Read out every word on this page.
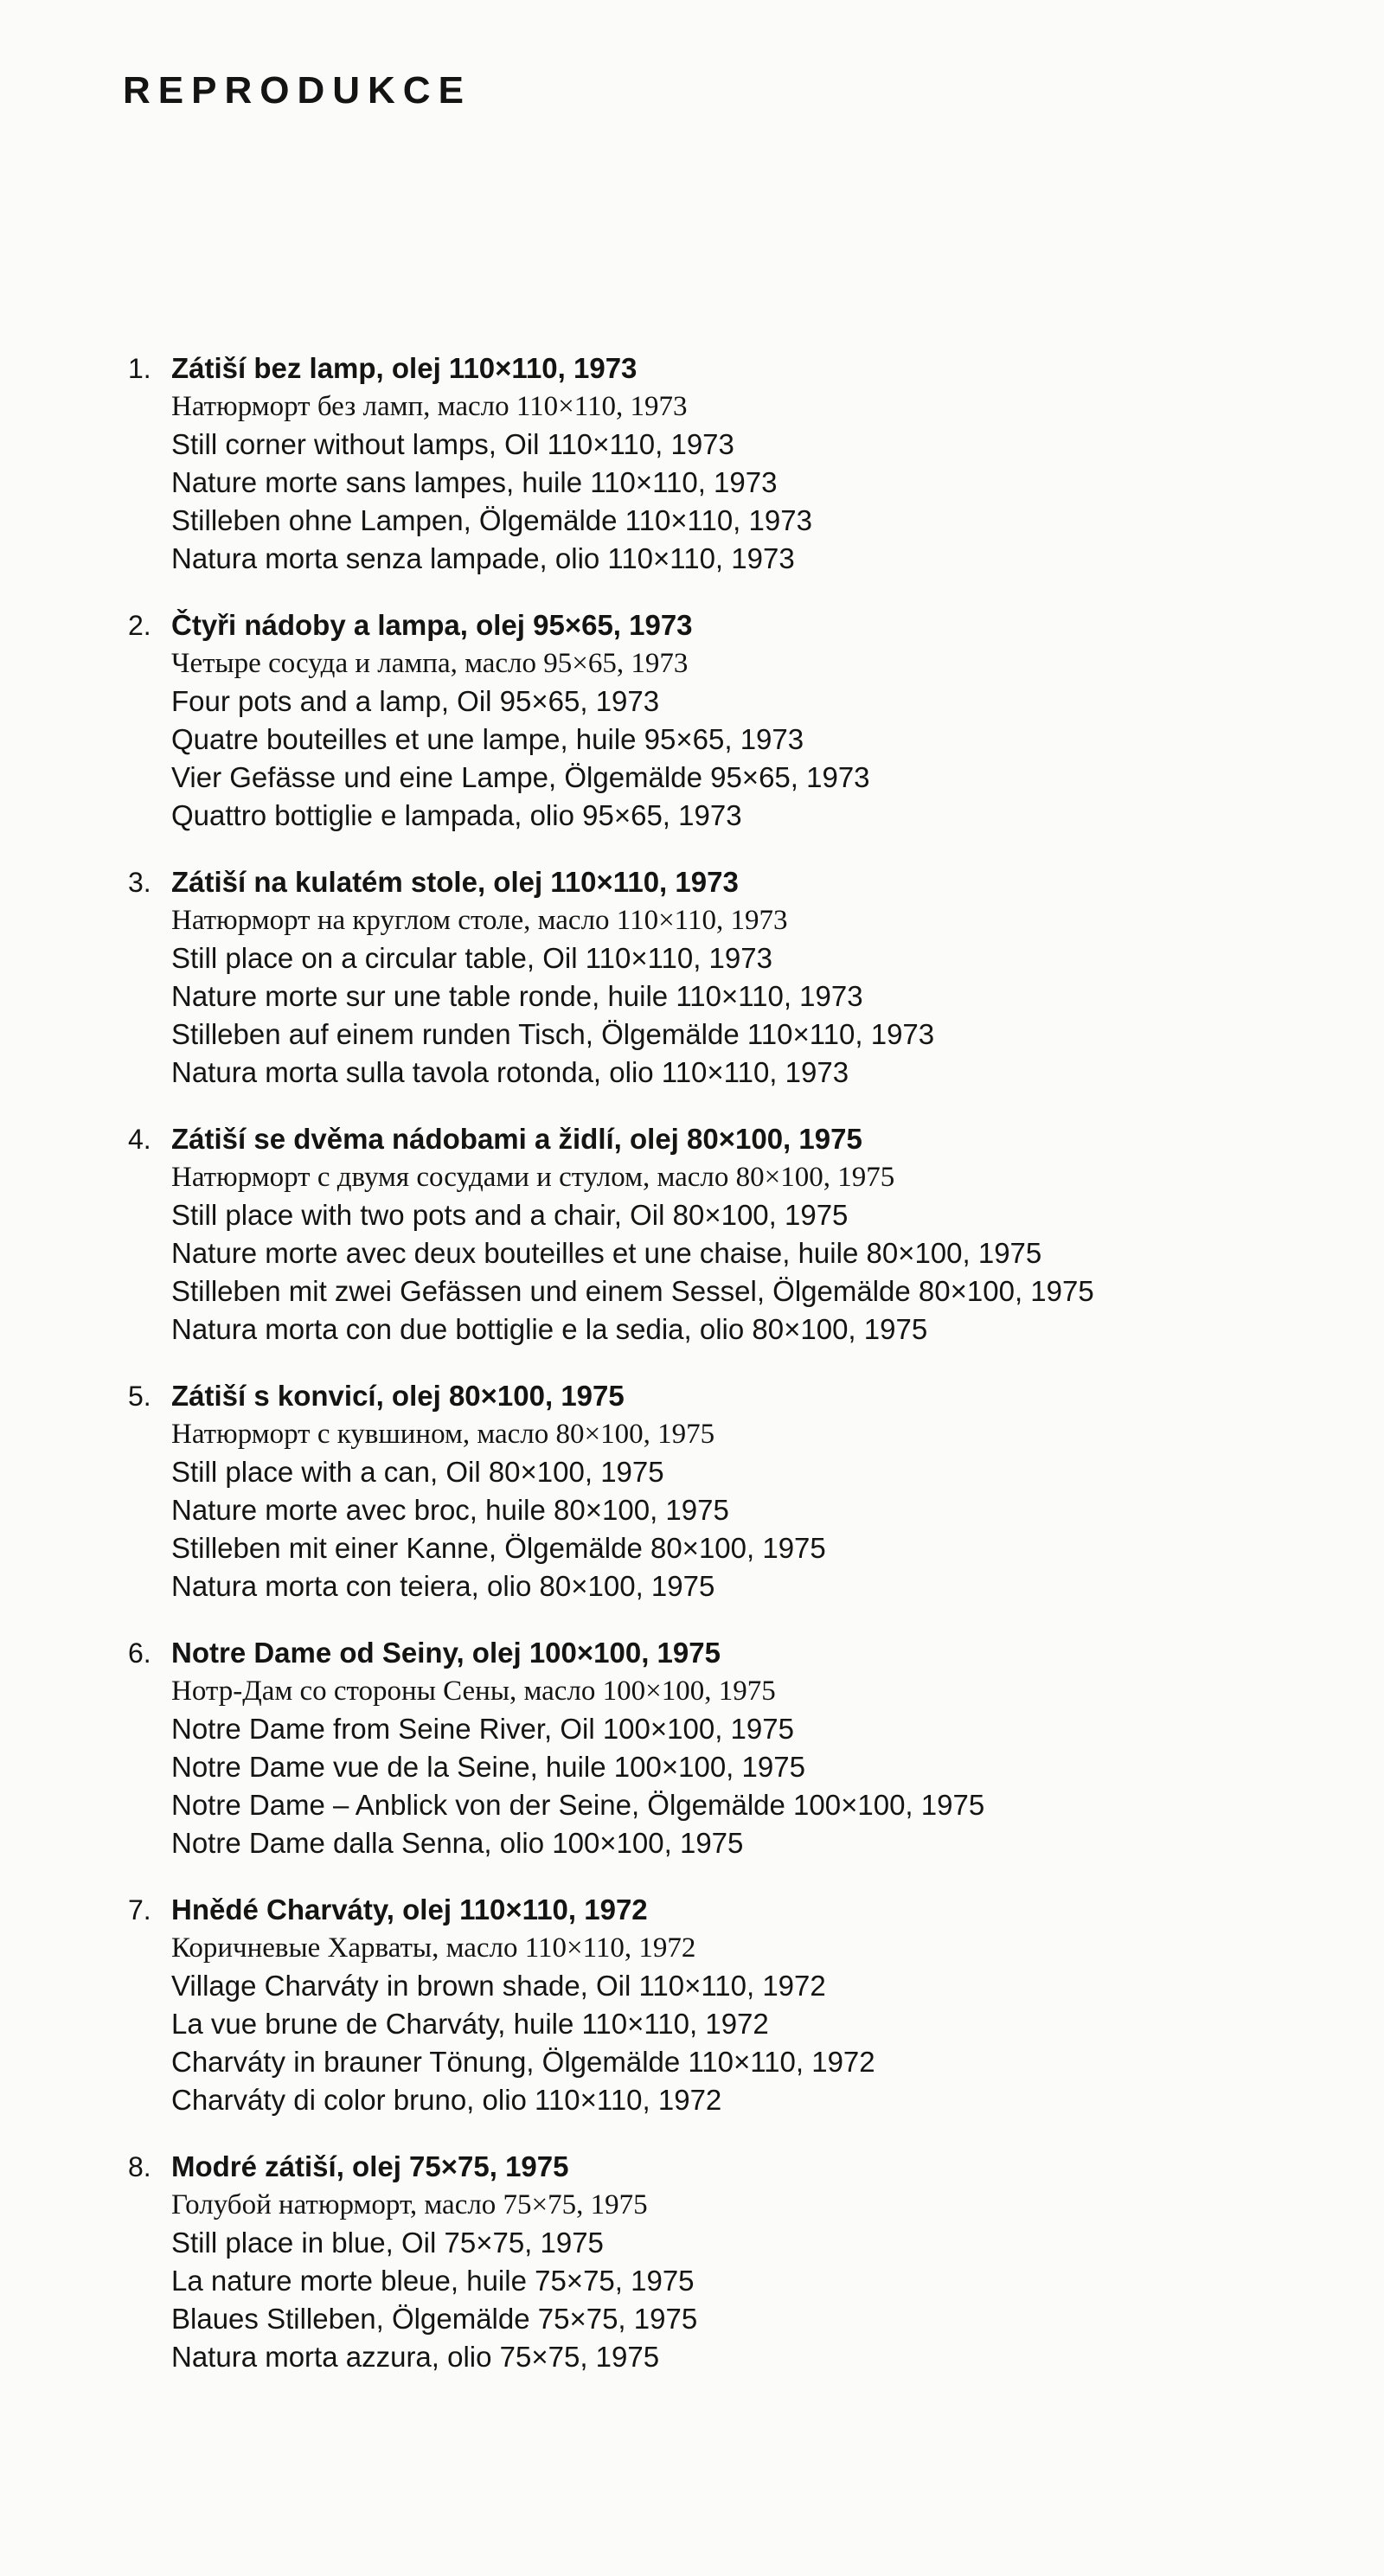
REPRODUKCE
1. Zátiší bez lamp, olej 110×110, 1973
Натюрморт без ламп, масло 110×110, 1973
Still corner without lamps, Oil 110×110, 1973
Nature morte sans lampes, huile 110×110, 1973
Stilleben ohne Lampen, Ölgemälde 110×110, 1973
Natura morta senza lampade, olio 110×110, 1973
2. Čtyři nádoby a lampa, olej 95×65, 1973
Четыре сосуда и лампа, масло 95×65, 1973
Four pots and a lamp, Oil 95×65, 1973
Quatre bouteilles et une lampe, huile 95×65, 1973
Vier Gefässe und eine Lampe, Ölgemälde 95×65, 1973
Quattro bottiglie e lampada, olio 95×65, 1973
3. Zátiší na kulatém stole, olej 110×110, 1973
Натюрморт на круглом столе, масло 110×110, 1973
Still place on a circular table, Oil 110×110, 1973
Nature morte sur une table ronde, huile 110×110, 1973
Stilleben auf einem runden Tisch, Ölgemälde 110×110, 1973
Natura morta sulla tavola rotonda, olio 110×110, 1973
4. Zátiší se dvěma nádobami a židlí, olej 80×100, 1975
Натюрморт с двумя сосудами и стулом, масло 80×100, 1975
Still place with two pots and a chair, Oil 80×100, 1975
Nature morte avec deux bouteilles et une chaise, huile 80×100, 1975
Stilleben mit zwei Gefässen und einem Sessel, Ölgemälde 80×100, 1975
Natura morta con due bottiglie e la sedia, olio 80×100, 1975
5. Zátiší s konvicí, olej 80×100, 1975
Натюрморт с кувшином, масло 80×100, 1975
Still place with a can, Oil 80×100, 1975
Nature morte avec broc, huile 80×100, 1975
Stilleben mit einer Kanne, Ölgemälde 80×100, 1975
Natura morta con teiera, olio 80×100, 1975
6. Notre Dame od Seiny, olej 100×100, 1975
Нотр-Дам со стороны Сены, масло 100×100, 1975
Notre Dame from Seine River, Oil 100×100, 1975
Notre Dame vue de la Seine, huile 100×100, 1975
Notre Dame – Anblick von der Seine, Ölgemälde 100×100, 1975
Notre Dame dalla Senna, olio 100×100, 1975
7. Hnědé Charváty, olej 110×110, 1972
Коричневые Харваты, масло 110×110, 1972
Village Charváty in brown shade, Oil 110×110, 1972
La vue brune de Charváty, huile 110×110, 1972
Charváty in brauner Tönung, Ölgemälde 110×110, 1972
Charváty di color bruno, olio 110×110, 1972
8. Modré zátiší, olej 75×75, 1975
Голубой натюрморт, масло 75×75, 1975
Still place in blue, Oil 75×75, 1975
La nature morte bleue, huile 75×75, 1975
Blaues Stilleben, Ölgemälde 75×75, 1975
Natura morta azzura, olio 75×75, 1975
